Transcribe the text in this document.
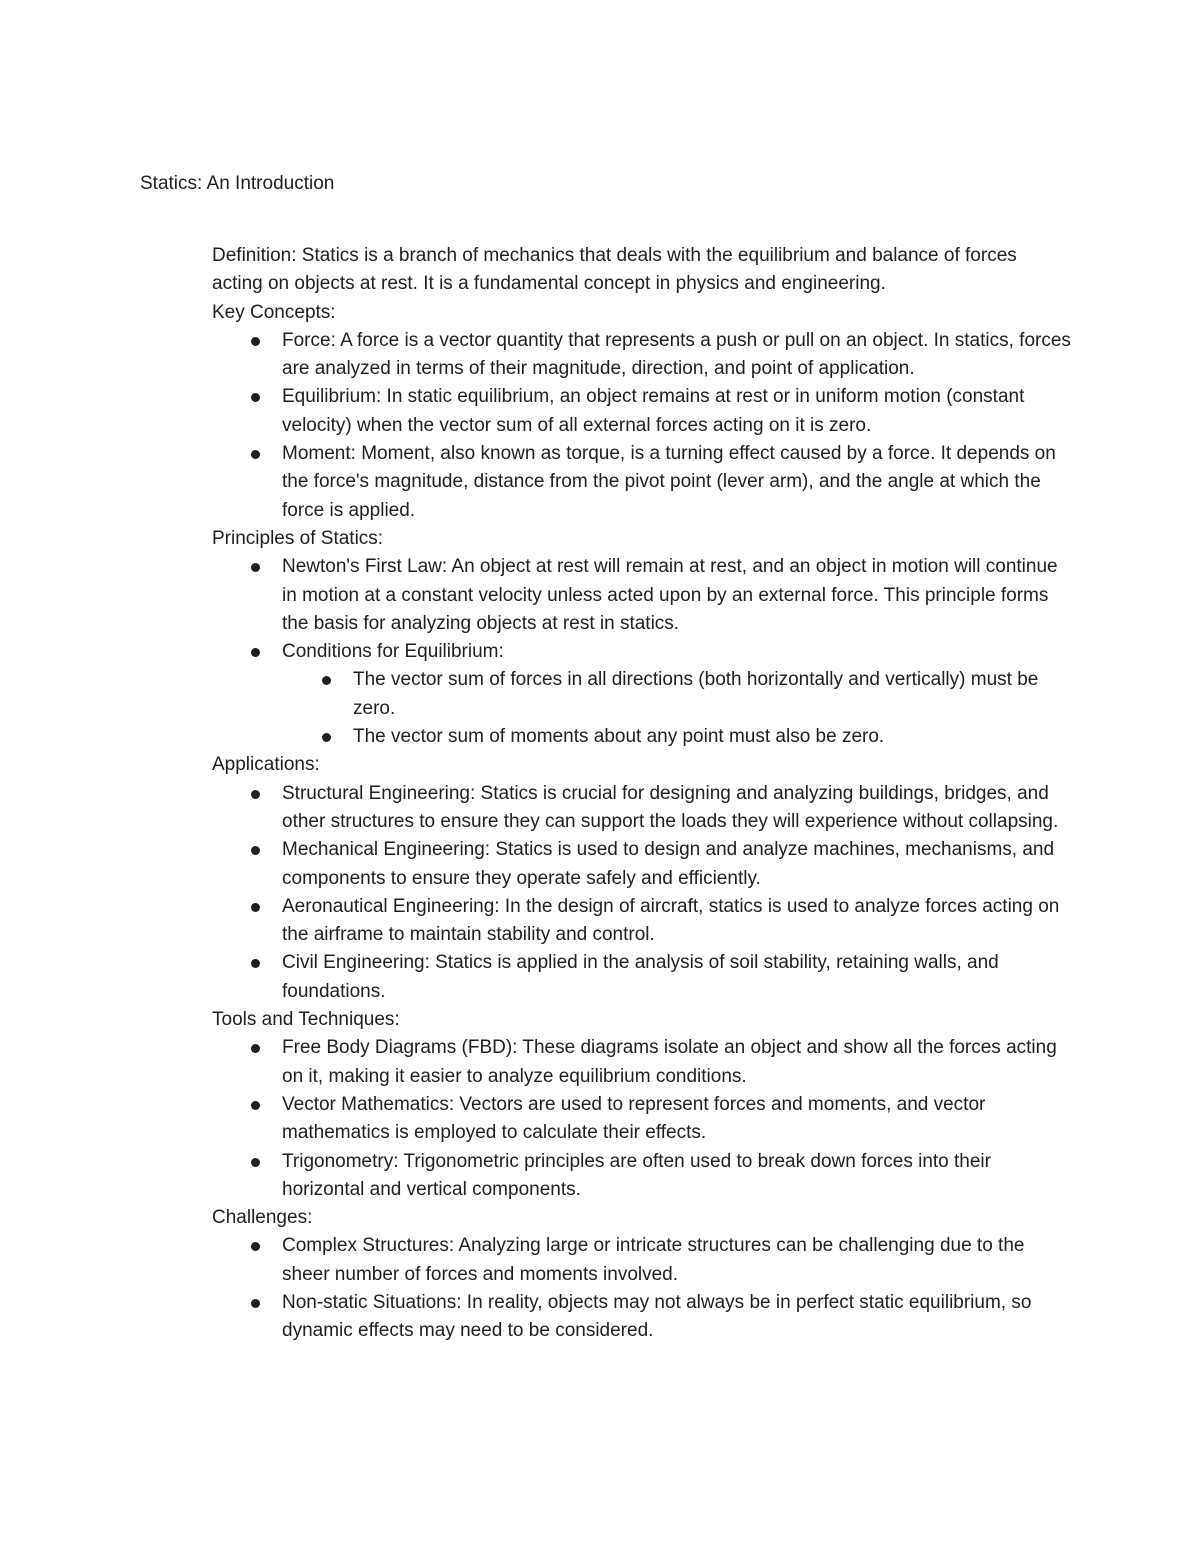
Statics: An Introduction

Definition: Statics is a branch of mechanics that deals with the equilibrium and balance of forces acting on objects at rest. It is a fundamental concept in physics and engineering.

Key Concepts:

Force: A force is a vector quantity that represents a push or pull on an object. In statics, forces are analyzed in terms of their magnitude, direction, and point of application.
Equilibrium: In static equilibrium, an object remains at rest or in uniform motion (constant velocity) when the vector sum of all external forces acting on it is zero.
Moment: Moment, also known as torque, is a turning effect caused by a force. It depends on the force's magnitude, distance from the pivot point (lever arm), and the angle at which the force is applied.

Principles of Statics:

Newton's First Law: An object at rest will remain at rest, and an object in motion will continue in motion at a constant velocity unless acted upon by an external force. This principle forms the basis for analyzing objects at rest in statics.
Conditions for Equilibrium:
The vector sum of forces in all directions (both horizontally and vertically) must be zero.
The vector sum of moments about any point must also be zero.

Applications:

Structural Engineering: Statics is crucial for designing and analyzing buildings, bridges, and other structures to ensure they can support the loads they will experience without collapsing.
Mechanical Engineering: Statics is used to design and analyze machines, mechanisms, and components to ensure they operate safely and efficiently.
Aeronautical Engineering: In the design of aircraft, statics is used to analyze forces acting on the airframe to maintain stability and control.
Civil Engineering: Statics is applied in the analysis of soil stability, retaining walls, and foundations.

Tools and Techniques:

Free Body Diagrams (FBD): These diagrams isolate an object and show all the forces acting on it, making it easier to analyze equilibrium conditions.
Vector Mathematics: Vectors are used to represent forces and moments, and vector mathematics is employed to calculate their effects.
Trigonometry: Trigonometric principles are often used to break down forces into their horizontal and vertical components.

Challenges:

Complex Structures: Analyzing large or intricate structures can be challenging due to the sheer number of forces and moments involved.
Non-static Situations: In reality, objects may not always be in perfect static equilibrium, so dynamic effects may need to be considered.
